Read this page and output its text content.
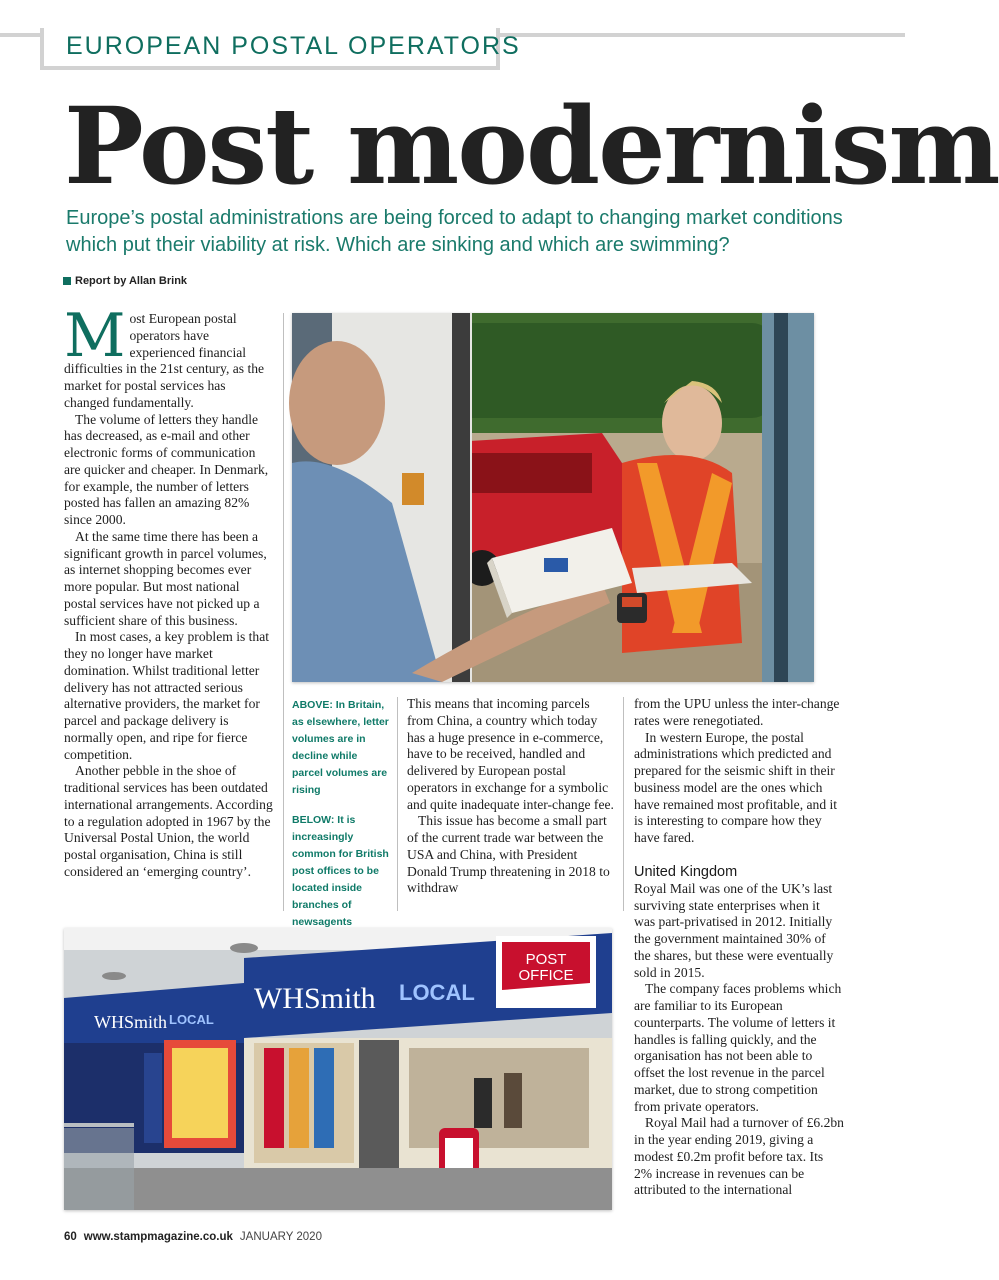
EUROPEAN POSTAL OPERATORS
Post modernism
Europe’s postal administrations are being forced to adapt to changing market conditions which put their viability at risk. Which are sinking and which are swimming?
Report by Allan Brink

Most European postal operators have experienced financial difficulties in the 21st century, as the market for postal services has changed fundamentally.

The volume of letters they handle has decreased, as e-mail and other electronic forms of communication are quicker and cheaper. In Denmark, for example, the number of letters posted has fallen an amazing 82% since 2000.

At the same time there has been a significant growth in parcel volumes, as internet shopping becomes ever more popular. But most national postal services have not picked up a sufficient share of this business.

In most cases, a key problem is that they no longer have market domination. Whilst traditional letter delivery has not attracted serious alternative providers, the market for parcel and package delivery is normally open, and ripe for fierce competition.

Another pebble in the shoe of traditional services has been outdated international arrangements. According to a regulation adopted in 1967 by the Universal Postal Union, the world postal organisation, China is still considered an ‘emerging country’.

ABOVE: In Britain, as elsewhere, letter volumes are in decline while parcel volumes are rising
BELOW: It is increasingly common for British post offices to be located inside branches of newsagents

This means that incoming parcels from China, a country which today has a huge presence in e-commerce, have to be received, handled and delivered by European postal operators in exchange for a symbolic and quite inadequate inter-change fee.

This issue has become a small part of the current trade war between the USA and China, with President Donald Trump threatening in 2018 to withdraw

from the UPU unless the inter-change rates were renegotiated.

In western Europe, the postal administrations which predicted and prepared for the seismic shift in their business model are the ones which have remained most profitable, and it is interesting to compare how they have fared.

United Kingdom

Royal Mail was one of the UK’s last surviving state enterprises when it was part-privatised in 2012. Initially the government maintained 30% of the shares, but these were eventually sold in 2015.

The company faces problems which are familiar to its European counterparts. The volume of letters it handles is falling quickly, and the organisation has not been able to offset the lost revenue in the parcel market, due to strong competition from private operators.

Royal Mail had a turnover of £6.2bn in the year ending 2019, giving a modest £0.2m profit before tax. Its 2% increase in revenues can be attributed to the international

POST
OFFICE
WHSmith LOCAL
WHSmith LOCAL
60 www.stampmagazine.co.uk JANUARY 2020
